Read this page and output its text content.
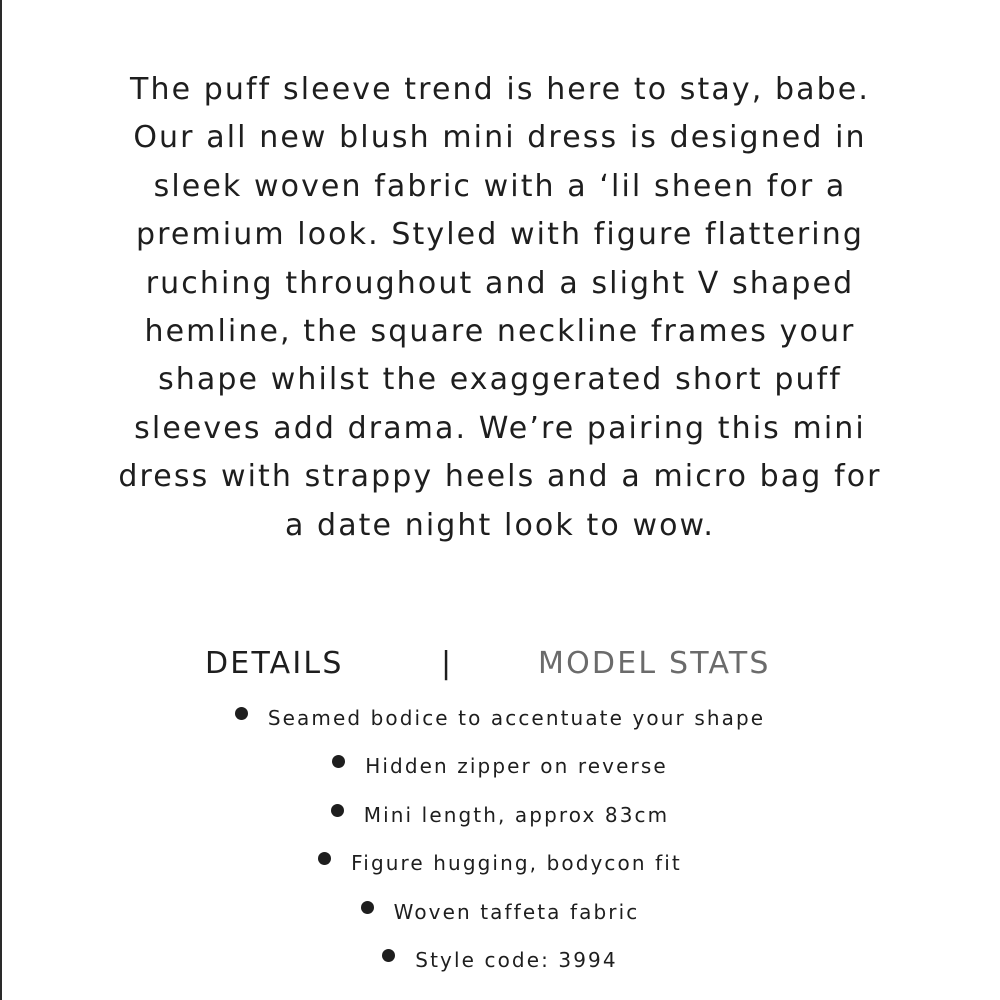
The puff sleeve trend is here to stay, babe.
Our all new blush mini dress is designed in
sleek woven fabric with a ‘lil sheen for a
premium look. Styled with figure flattering
ruching throughout and a slight V shaped
hemline, the square neckline frames your
shape whilst the exaggerated short puff
sleeves add drama. We’re pairing this mini
dress with strappy heels and a micro bag for
a date night look to wow.

DETAILS	|	MODEL STATS
Seamed bodice to accentuate your shape
Hidden zipper on reverse
Mini length, approx 83cm
Figure hugging, bodycon fit
Woven taffeta fabric
Style code: 3994
